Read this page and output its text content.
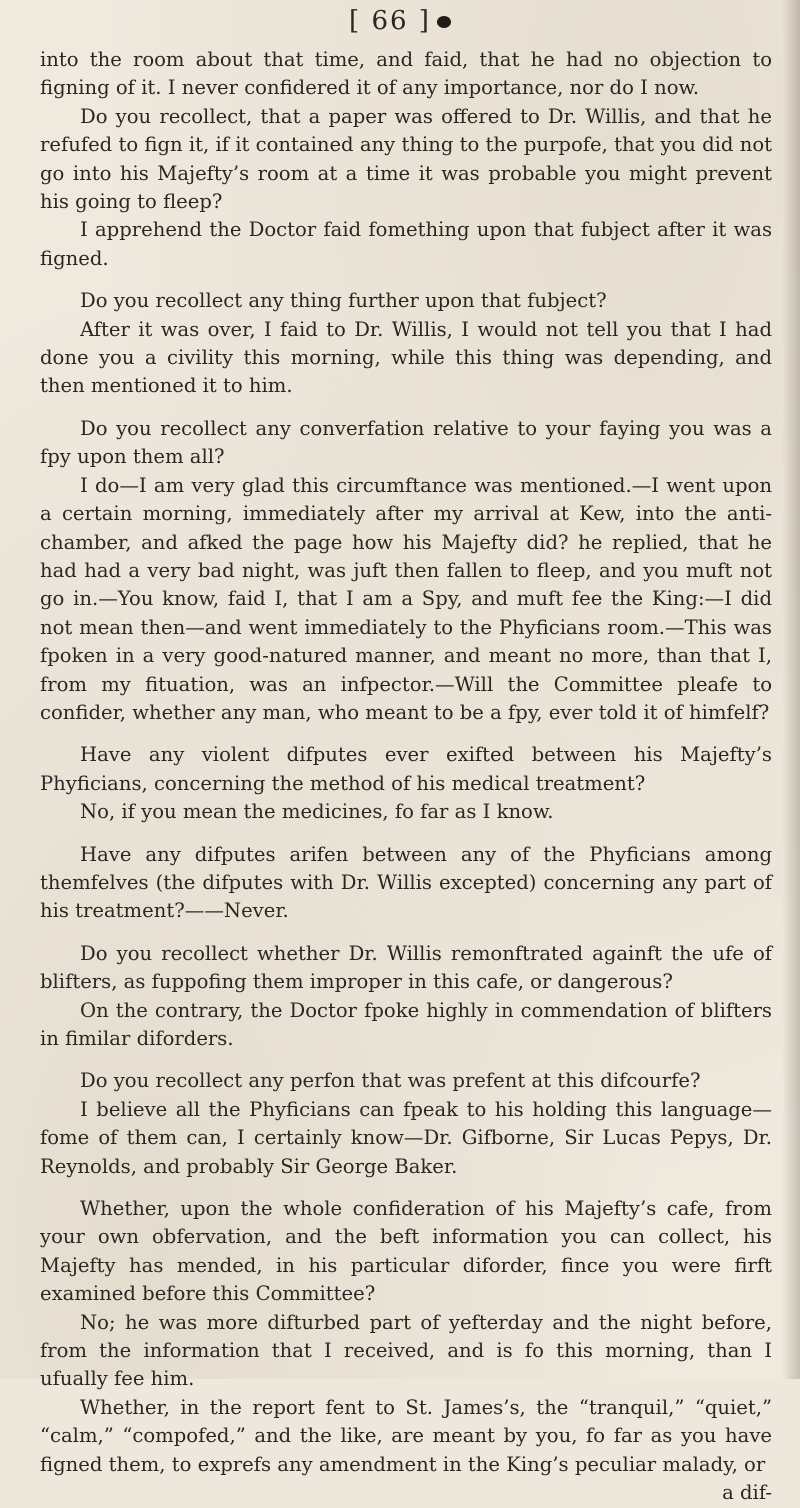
[ 66 ]

into the room about that time, and faid, that he had no objection to figning of it. I never confidered it of any importance, nor do I now.

Do you recollect, that a paper was offered to Dr. Willis, and that he refufed to fign it, if it contained any thing to the purpofe, that you did not go into his Majefty’s room at a time it was probable you might prevent his going to fleep?

I apprehend the Doctor faid fomething upon that fubject after it was figned.

Do you recollect any thing further upon that fubject?

After it was over, I faid to Dr. Willis, I would not tell you that I had done you a civility this morning, while this thing was depending, and then mentioned it to him.

Do you recollect any converfation relative to your faying you was a fpy upon them all?

I do—I am very glad this circumftance was mentioned.—I went upon a certain morning, immediately after my arrival at Kew, into the anti-chamber, and afked the page how his Majefty did? he replied, that he had had a very bad night, was juft then fallen to fleep, and you muft not go in.—You know, faid I, that I am a Spy, and muft fee the King:—I did not mean then—and went immediately to the Phyficians room.—This was fpoken in a very good-natured manner, and meant no more, than that I, from my fituation, was an infpector.—Will the Committee pleafe to confider, whether any man, who meant to be a fpy, ever told it of himfelf?

Have any violent difputes ever exifted between his Majefty’s Phyficians, concerning the method of his medical treatment?

No, if you mean the medicines, fo far as I know.

Have any difputes arifen between any of the Phyficians among themfelves (the difputes with Dr. Willis excepted) concerning any part of his treatment?——Never.

Do you recollect whether Dr. Willis remonftrated againft the ufe of blifters, as fuppofing them improper in this cafe, or dangerous?

On the contrary, the Doctor fpoke highly in commendation of blifters in fimilar diforders.

Do you recollect any perfon that was prefent at this difcourfe?

I believe all the Phyficians can fpeak to his holding this language—fome of them can, I certainly know—Dr. Gifborne, Sir Lucas Pepys, Dr. Reynolds, and probably Sir George Baker.

Whether, upon the whole confideration of his Majefty’s cafe, from your own obfervation, and the beft information you can collect, his Majefty has mended, in his particular diforder, fince you were firft examined before this Committee?

No; he was more difturbed part of yefterday and the night before, from the information that I received, and is fo this morning, than I ufually fee him.

Whether, in the report fent to St. James’s, the “tranquil,” “quiet,” “calm,” “compofed,” and the like, are meant by you, fo far as you have figned them, to exprefs any amendment in the King’s peculiar malady, or

a dif-
